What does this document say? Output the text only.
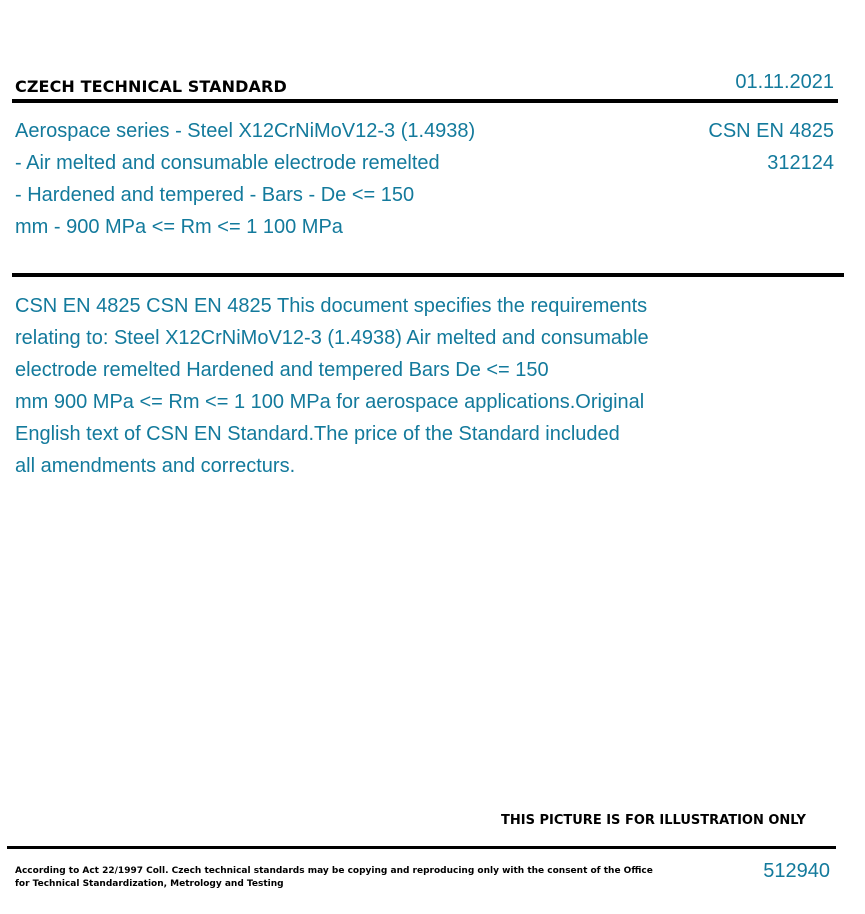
CZECH TECHNICAL STANDARD	01.11.2021
Aerospace series - Steel X12CrNiMoV12-3 (1.4938)
- Air melted and consumable electrode remelted
- Hardened and tempered - Bars - De <= 150
mm - 900 MPa <= Rm <= 1 100 MPa
CSN EN 4825
312124
CSN EN 4825 CSN EN 4825 This document specifies the requirements
relating to: Steel X12CrNiMoV12-3 (1.4938) Air melted and consumable
electrode remelted Hardened and tempered Bars De <= 150
mm 900 MPa <= Rm <= 1 100 MPa for aerospace applications.Original
English text of CSN EN Standard.The price of the Standard included
all amendments and correcturs.
THIS PICTURE IS FOR ILLUSTRATION ONLY
According to Act 22/1997 Coll. Czech technical standards may be copying and reproducing only with the consent of the Office
for Technical Standardization, Metrology and Testing
512940
